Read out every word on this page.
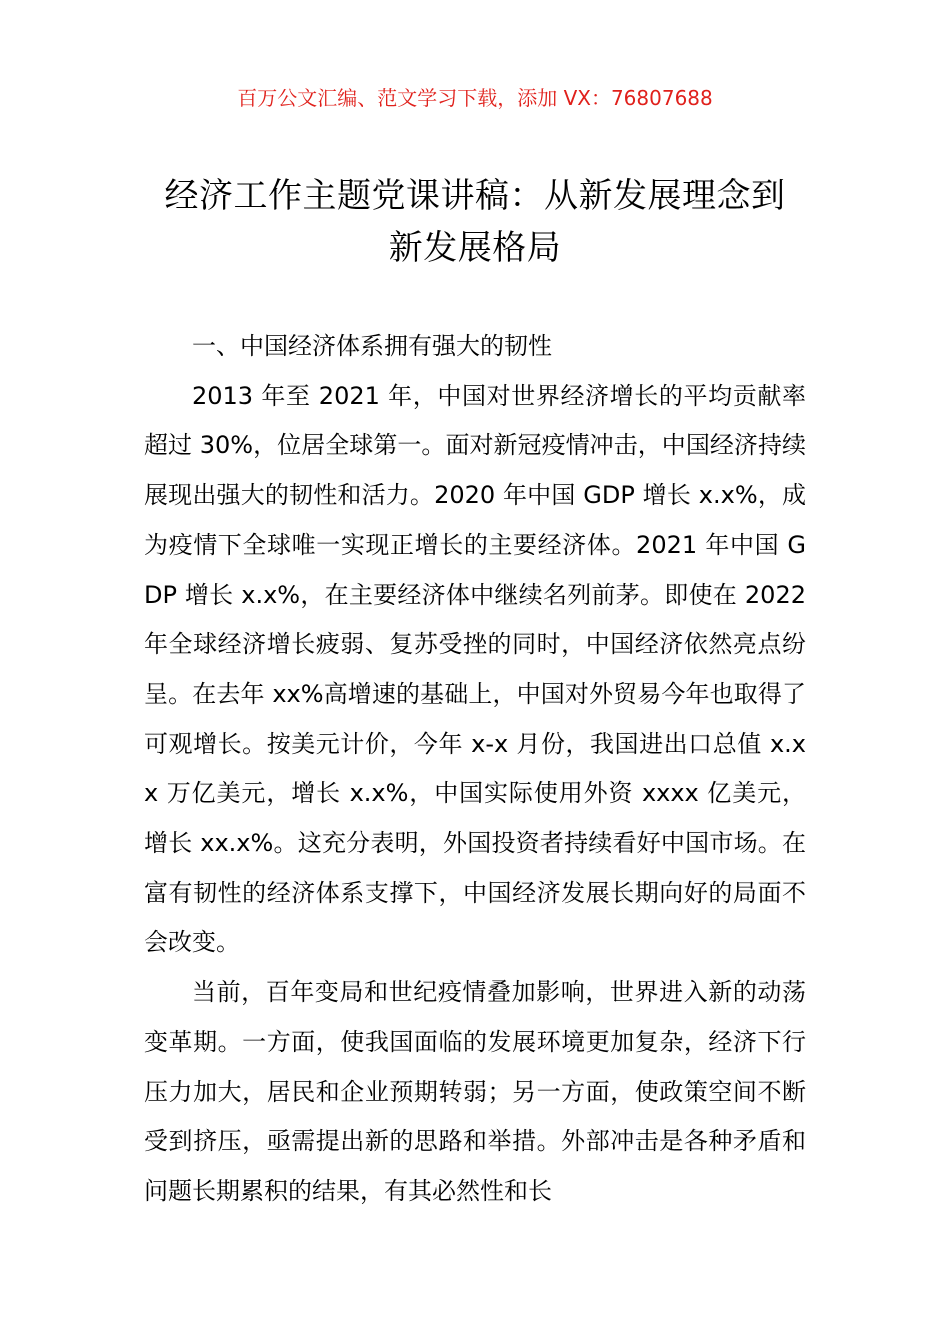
百万公文汇编、范文学习下载，添加 VX：76807688
经济工作主题党课讲稿：从新发展理念到
新发展格局

一、中国经济体系拥有强大的韧性

2013 年至 2021 年，中国对世界经济增长的平均贡献率超过 30%，位居全球第一。面对新冠疫情冲击，中国经济持续展现出强大的韧性和活力。2020 年中国 GDP 增长 x.x%，成为疫情下全球唯一实现正增长的主要经济体。2021 年中国 GDP 增长 x.x%，在主要经济体中继续名列前茅。即使在 2022 年全球经济增长疲弱、复苏受挫的同时，中国经济依然亮点纷呈。在去年 xx%高增速的基础上，中国对外贸易今年也取得了可观增长。按美元计价，今年 x-x 月份，我国进出口总值 x.xx 万亿美元，增长 x.x%，中国实际使用外资 xxxx 亿美元，增长 xx.x%。这充分表明，外国投资者持续看好中国市场。在富有韧性的经济体系支撑下，中国经济发展长期向好的局面不会改变。

当前，百年变局和世纪疫情叠加影响，世界进入新的动荡变革期。一方面，使我国面临的发展环境更加复杂，经济下行压力加大，居民和企业预期转弱；另一方面，使政策空间不断受到挤压，亟需提出新的思路和举措。外部冲击是各种矛盾和问题长期累积的结果，有其必然性和长
